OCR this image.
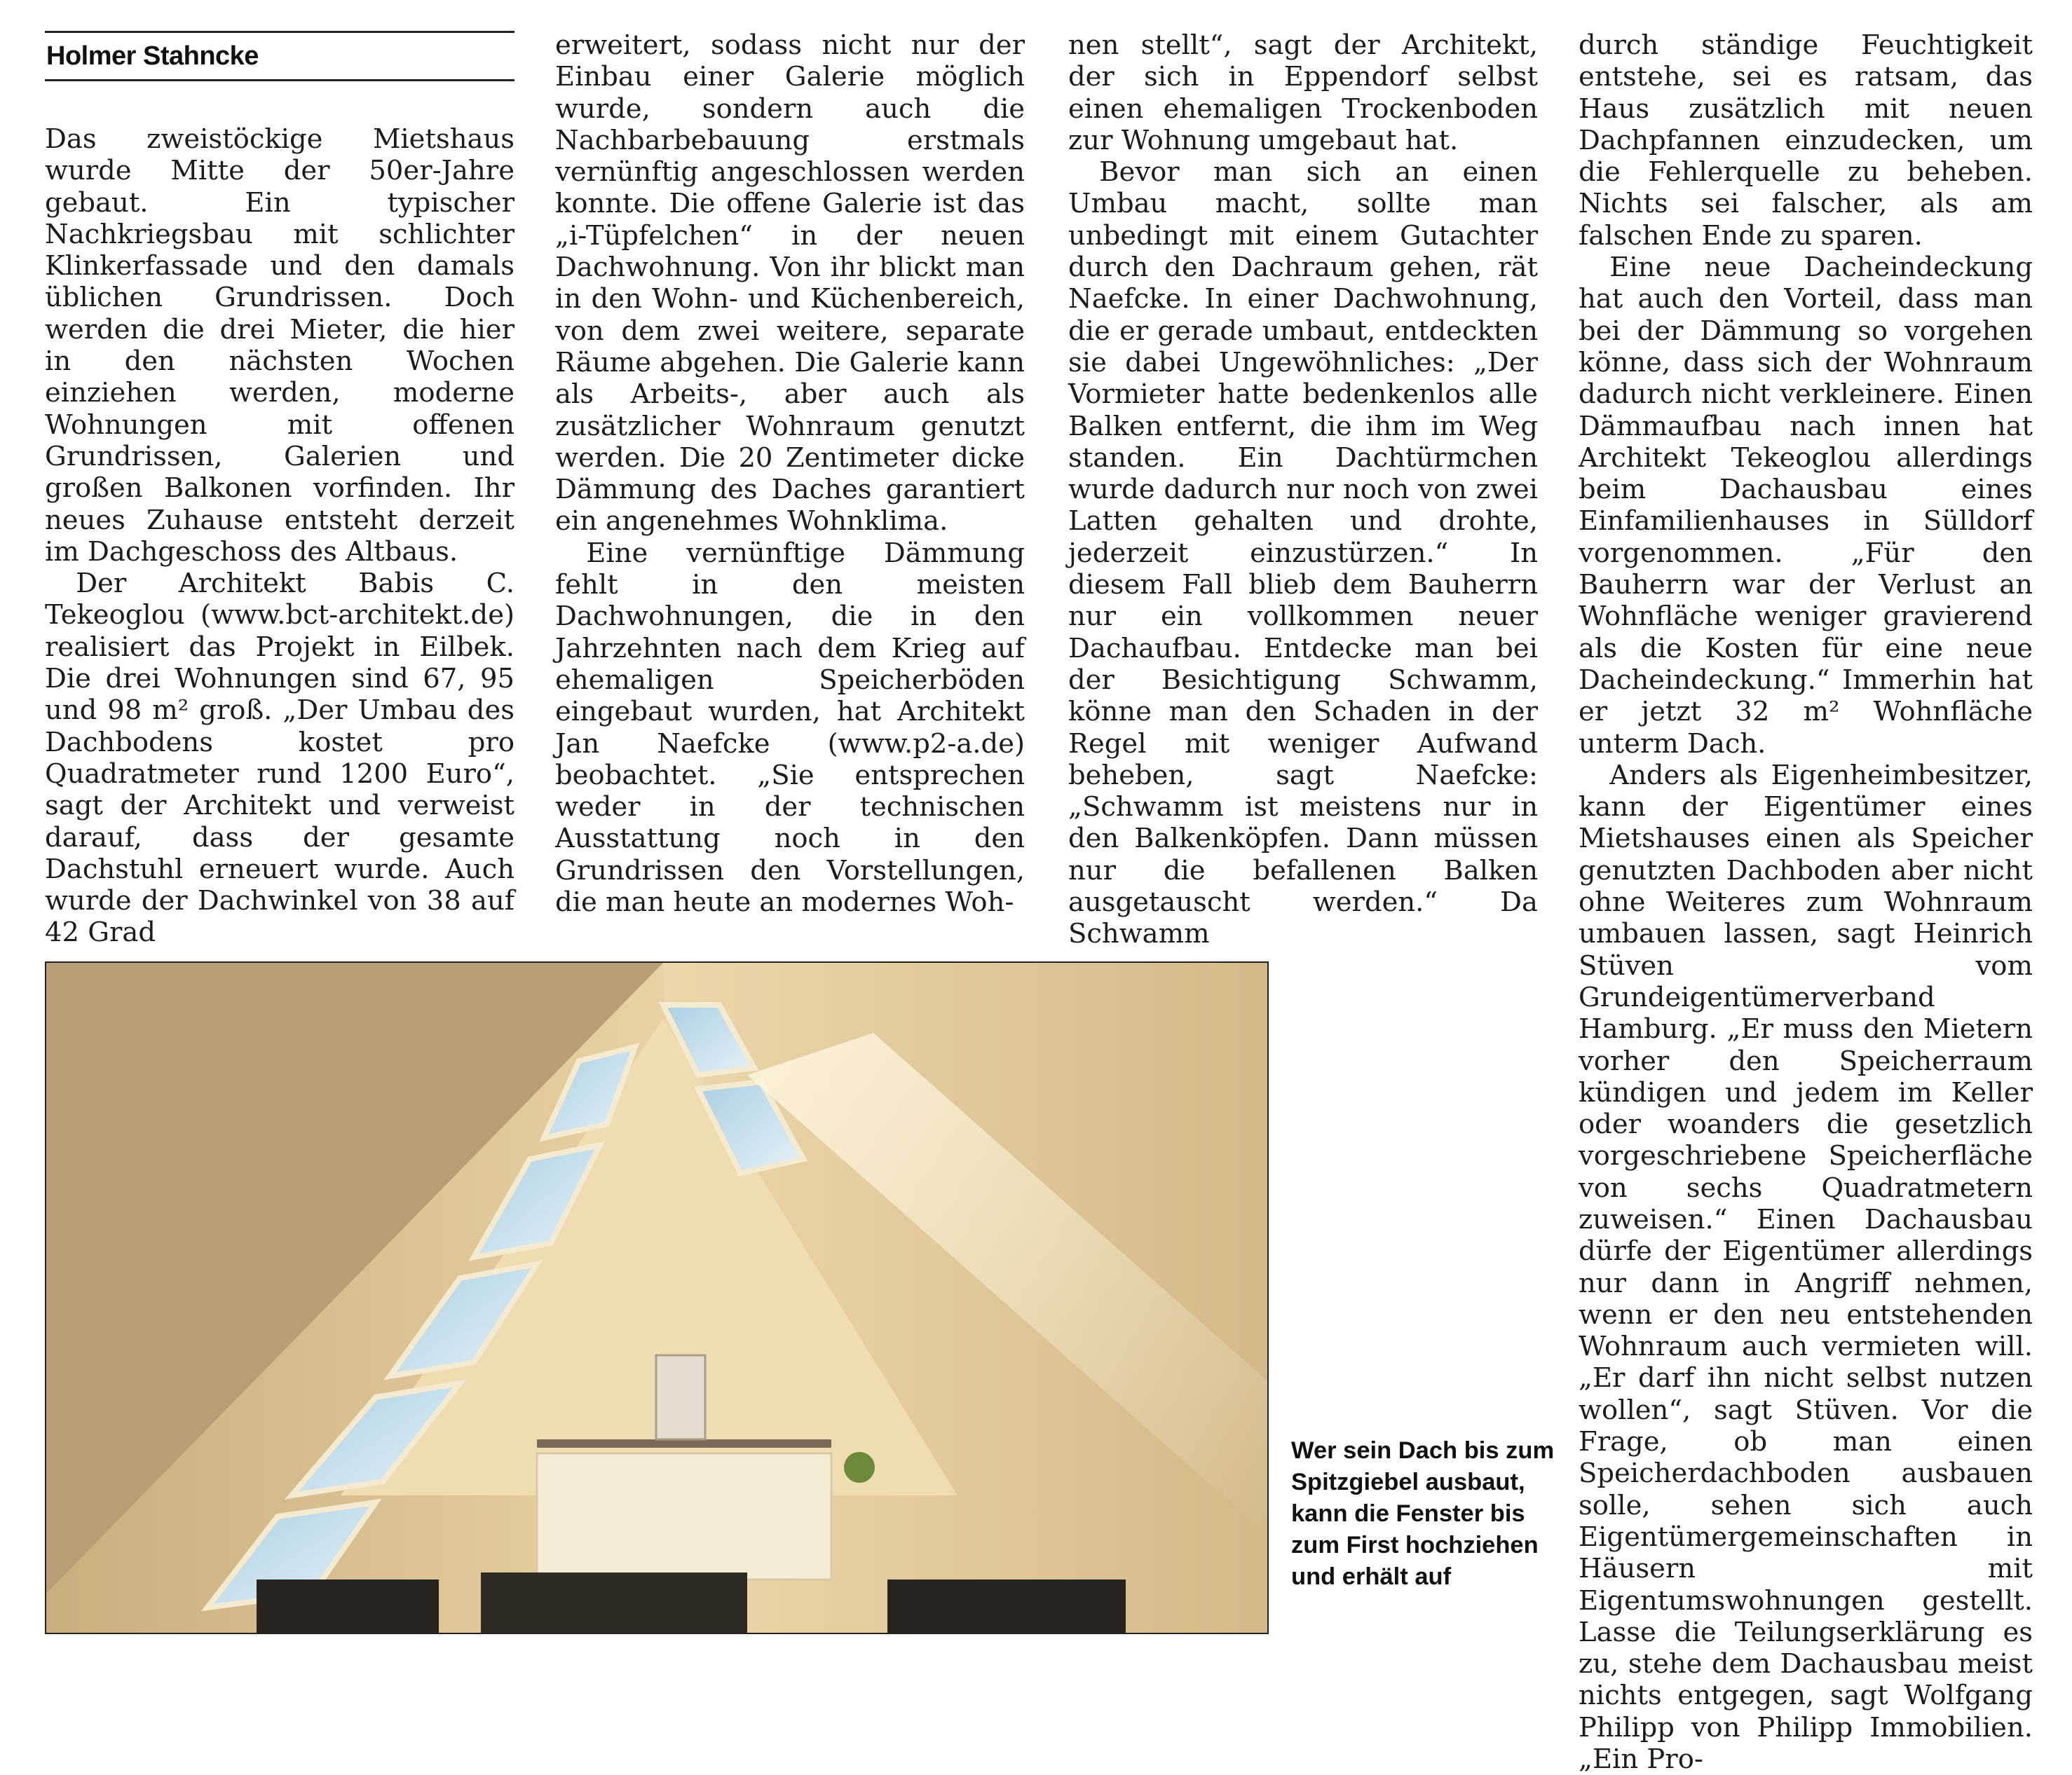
Holmer Stahncke

Das zweistöckige Mietshaus wurde Mitte der 50er-Jahre gebaut. Ein typischer Nachkriegsbau mit schlichter Klinkerfassade und den damals üblichen Grundrissen. Doch werden die drei Mieter, die hier in den nächsten Wochen einziehen werden, moderne Wohnungen mit offenen Grundrissen, Galerien und großen Balkonen vorfinden. Ihr neues Zuhause entsteht derzeit im Dachgeschoss des Altbaus.

Der Architekt Babis C. Tekeoglou (www.bct-architekt.de) realisiert das Projekt in Eilbek. Die drei Wohnungen sind 67, 95 und 98 m² groß. „Der Umbau des Dachbodens kostet pro Quadratmeter rund 1200 Euro“, sagt der Architekt und verweist darauf, dass der gesamte Dachstuhl erneuert wurde. Auch wurde der Dachwinkel von 38 auf 42 Grad

erweitert, sodass nicht nur der Einbau einer Galerie möglich wurde, sondern auch die Nachbarbebauung erstmals vernünftig angeschlossen werden konnte. Die offene Galerie ist das „i-Tüpfelchen“ in der neuen Dachwohnung. Von ihr blickt man in den Wohn- und Küchenbereich, von dem zwei weitere, separate Räume abgehen. Die Galerie kann als Arbeits-, aber auch als zusätzlicher Wohnraum genutzt werden. Die 20 Zentimeter dicke Dämmung des Daches garantiert ein angenehmes Wohnklima.

Eine vernünftige Dämmung fehlt in den meisten Dachwohnungen, die in den Jahrzehnten nach dem Krieg auf ehemaligen Speicherböden eingebaut wurden, hat Architekt Jan Naefcke (www.p2-a.de) beobachtet. „Sie entsprechen weder in der technischen Ausstattung noch in den Grundrissen den Vorstellungen, die man heute an modernes Woh-

nen stellt“, sagt der Architekt, der sich in Eppendorf selbst einen ehemaligen Trockenboden zur Wohnung umgebaut hat.

Bevor man sich an einen Umbau macht, sollte man unbedingt mit einem Gutachter durch den Dachraum gehen, rät Naefcke. In einer Dachwohnung, die er gerade umbaut, entdeckten sie dabei Ungewöhnliches: „Der Vormieter hatte bedenkenlos alle Balken entfernt, die ihm im Weg standen. Ein Dachtürmchen wurde dadurch nur noch von zwei Latten gehalten und drohte, jederzeit einzustürzen.“ In diesem Fall blieb dem Bauherrn nur ein vollkommen neuer Dachaufbau. Entdecke man bei der Besichtigung Schwamm, könne man den Schaden in der Regel mit weniger Aufwand beheben, sagt Naefcke: „Schwamm ist meistens nur in den Balkenköpfen. Dann müssen nur die befallenen Balken ausgetauscht werden.“ Da Schwamm

durch ständige Feuchtigkeit entstehe, sei es ratsam, das Haus zusätzlich mit neuen Dachpfannen einzudecken, um die Fehlerquelle zu beheben. Nichts sei falscher, als am falschen Ende zu sparen.

Eine neue Dacheindeckung hat auch den Vorteil, dass man bei der Dämmung so vorgehen könne, dass sich der Wohnraum dadurch nicht verkleinere. Einen Dämmaufbau nach innen hat Architekt Tekeoglou allerdings beim Dachausbau eines Einfamilienhauses in Sülldorf vorgenommen. „Für den Bauherrn war der Verlust an Wohnfläche weniger gravierend als die Kosten für eine neue Dacheindeckung.“ Immerhin hat er jetzt 32 m² Wohnfläche unterm Dach.

Anders als Eigenheimbesitzer, kann der Eigentümer eines Mietshauses einen als Speicher genutzten Dachboden aber nicht ohne Weiteres zum Wohnraum umbauen lassen, sagt Heinrich Stüven vom Grundeigentümerverband Hamburg. „Er muss den Mietern vorher den Speicherraum kündigen und jedem im Keller oder woanders die gesetzlich vorgeschriebene Speicherfläche von sechs Quadratmetern zuweisen.“ Einen Dachausbau dürfe der Eigentümer allerdings nur dann in Angriff nehmen, wenn er den neu entstehenden Wohnraum auch vermieten will. „Er darf ihn nicht selbst nutzen wollen“, sagt Stüven. Vor die Frage, ob man einen Speicherdachboden ausbauen solle, sehen sich auch Eigentümergemeinschaften in Häusern mit Eigentumswohnungen gestellt. Lasse die Teilungserklärung es zu, stehe dem Dachausbau meist nichts entgegen, sagt Wolfgang Philipp von Philipp Immobilien. „Ein Pro-

Wer sein Dach bis zum Spitzgiebel ausbaut, kann die Fenster bis zum First hochziehen und erhält auf
